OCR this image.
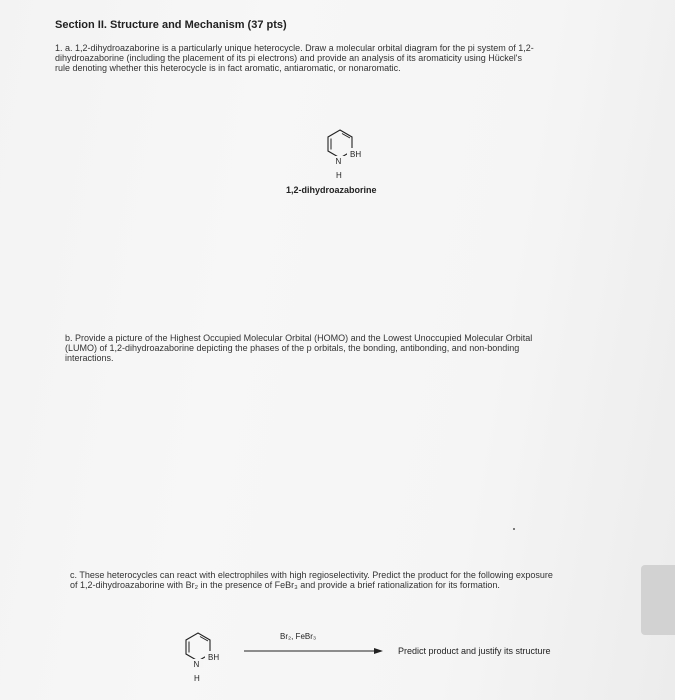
Section II. Structure and Mechanism (37 pts)
1. a. 1,2-dihydroazaborine is a particularly unique heterocycle. Draw a molecular orbital diagram for the pi system of 1,2-
dihydroazaborine (including the placement of its pi electrons) and provide an analysis of its aromaticity using Hückel's
rule denoting whether this heterocycle is in fact aromatic, antiaromatic, or nonaromatic.
N
BH
H
1,2-dihydroazaborine
b. Provide a picture of the Highest Occupied Molecular Orbital (HOMO) and the Lowest Unoccupied Molecular Orbital
(LUMO) of 1,2-dihydroazaborine depicting the phases of the p orbitals, the bonding, antibonding, and non-bonding
interactions.
c. These heterocycles can react with electrophiles with high regioselectivity. Predict the product for the following exposure
of 1,2-dihydroazaborine with Br₂ in the presence of FeBr₃ and provide a brief rationalization for its formation.
N
BH
H
Br₂, FeBr₃
Predict product and justify its structure
